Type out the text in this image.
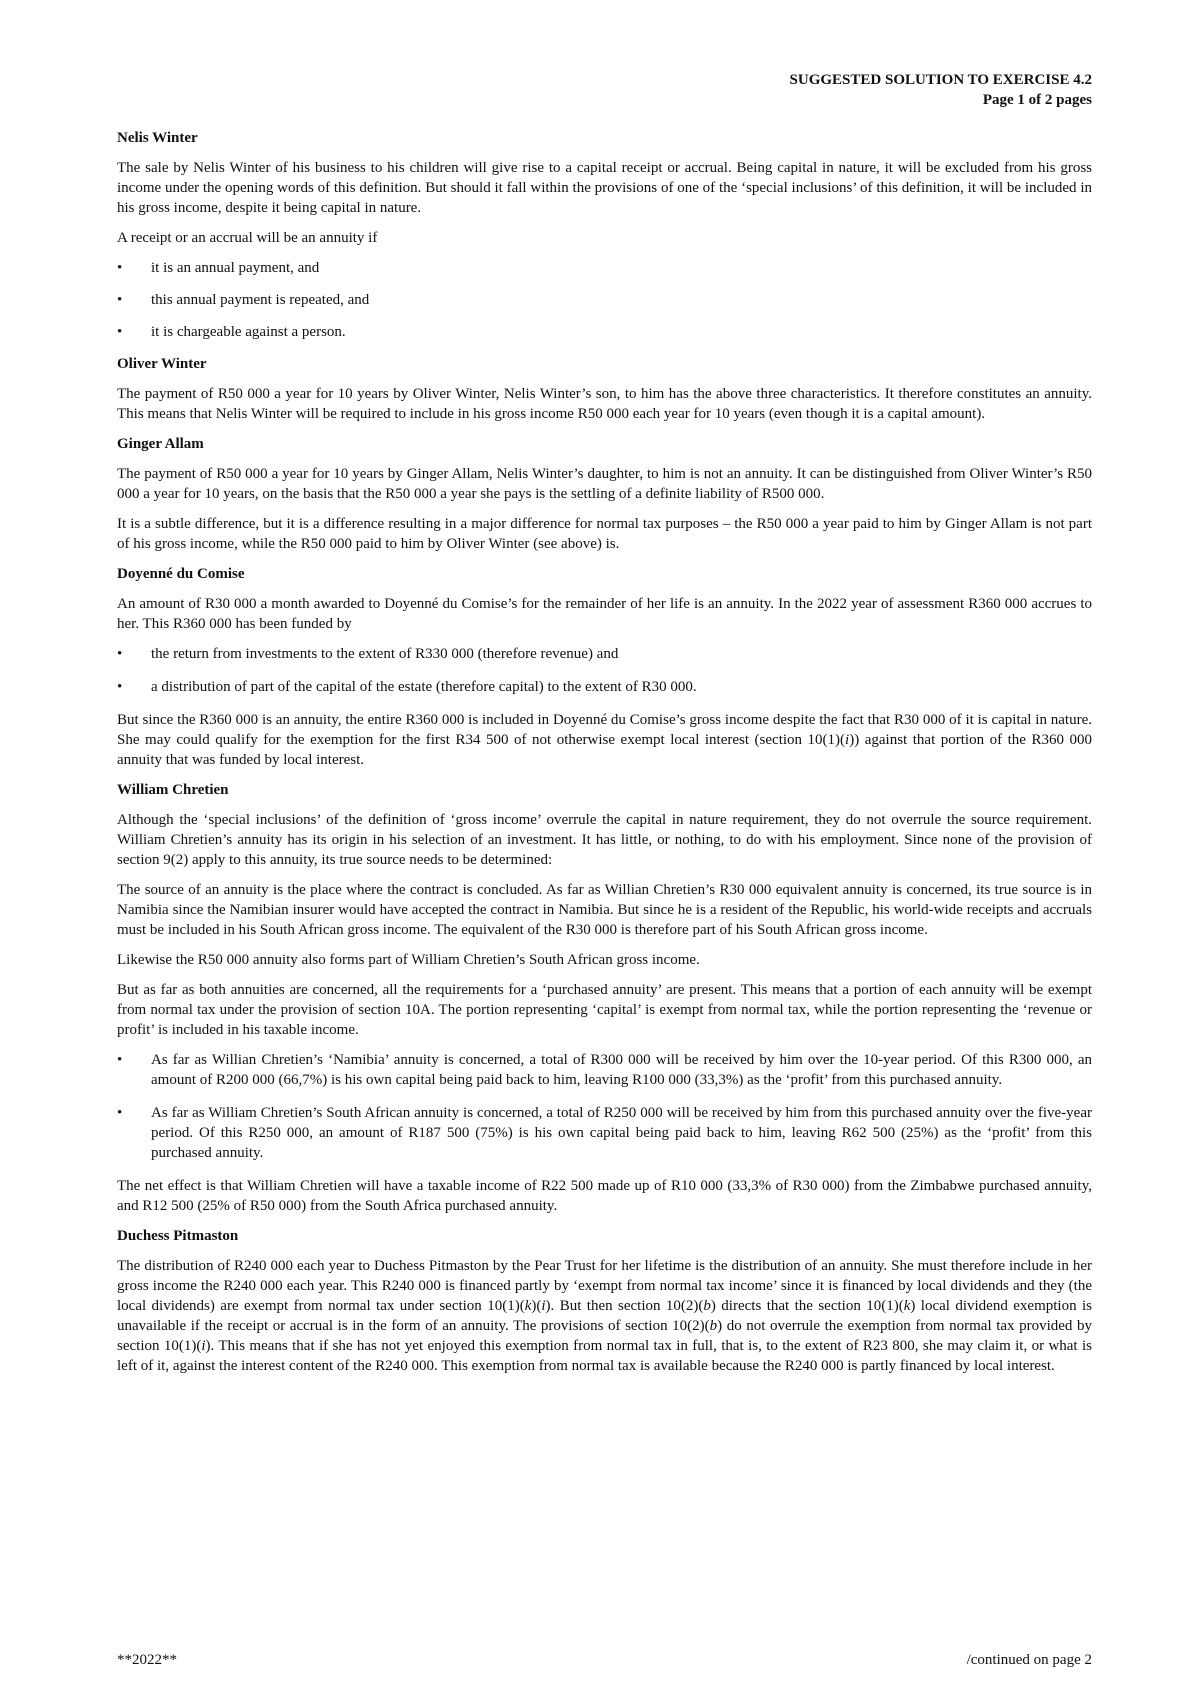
SUGGESTED SOLUTION TO EXERCISE 4.2
Page 1 of 2 pages
Nelis Winter

The sale by Nelis Winter of his business to his children will give rise to a capital receipt or accrual. Being capital in nature, it will be excluded from his gross income under the opening words of this definition. But should it fall within the provisions of one of the ‘special inclusions’ of this definition, it will be included in his gross income, despite it being capital in nature.

A receipt or an accrual will be an annuity if

• it is an annual payment, and
• this annual payment is repeated, and
• it is chargeable against a person.
Oliver Winter

The payment of R50 000 a year for 10 years by Oliver Winter, Nelis Winter’s son, to him has the above three characteristics. It therefore constitutes an annuity. This means that Nelis Winter will be required to include in his gross income R50 000 each year for 10 years (even though it is a capital amount).

Ginger Allam

The payment of R50 000 a year for 10 years by Ginger Allam, Nelis Winter’s daughter, to him is not an annuity. It can be distinguished from Oliver Winter’s R50 000 a year for 10 years, on the basis that the R50 000 a year she pays is the settling of a definite liability of R500 000.

It is a subtle difference, but it is a difference resulting in a major difference for normal tax purposes – the R50 000 a year paid to him by Ginger Allam is not part of his gross income, while the R50 000 paid to him by Oliver Winter (see above) is.

Doyenné du Comise

An amount of R30 000 a month awarded to Doyenné du Comise’s for the remainder of her life is an annuity. In the 2022 year of assessment R360 000 accrues to her. This R360 000 has been funded by

• the return from investments to the extent of R330 000 (therefore revenue) and
• a distribution of part of the capital of the estate (therefore capital) to the extent of R30 000.

But since the R360 000 is an annuity, the entire R360 000 is included in Doyenné du Comise’s gross income despite the fact that R30 000 of it is capital in nature. She may could qualify for the exemption for the first R34 500 of not otherwise exempt local interest (section 10(1)(i)) against that portion of the R360 000 annuity that was funded by local interest.

William Chretien

Although the ‘special inclusions’ of the definition of ‘gross income’ overrule the capital in nature requirement, they do not overrule the source requirement. William Chretien’s annuity has its origin in his selection of an investment. It has little, or nothing, to do with his employment. Since none of the provision of section 9(2) apply to this annuity, its true source needs to be determined:

The source of an annuity is the place where the contract is concluded. As far as Willian Chretien’s R30 000 equivalent annuity is concerned, its true source is in Namibia since the Namibian insurer would have accepted the contract in Namibia. But since he is a resident of the Republic, his world-wide receipts and accruals must be included in his South African gross income. The equivalent of the R30 000 is therefore part of his South African gross income.

Likewise the R50 000 annuity also forms part of William Chretien’s South African gross income.

But as far as both annuities are concerned, all the requirements for a ‘purchased annuity’ are present. This means that a portion of each annuity will be exempt from normal tax under the provision of section 10A. The portion representing ‘capital’ is exempt from normal tax, while the portion representing the ‘revenue or profit’ is included in his taxable income.

• As far as Willian Chretien’s ‘Namibia’ annuity is concerned, a total of R300 000 will be received by him over the 10-year period. Of this R300 000, an amount of R200 000 (66,7%) is his own capital being paid back to him, leaving R100 000 (33,3%) as the ‘profit’ from this purchased annuity.
• As far as William Chretien’s South African annuity is concerned, a total of R250 000 will be received by him from this purchased annuity over the five-year period. Of this R250 000, an amount of R187 500 (75%) is his own capital being paid back to him, leaving R62 500 (25%) as the ‘profit’ from this purchased annuity.

The net effect is that William Chretien will have a taxable income of R22 500 made up of R10 000 (33,3% of R30 000) from the Zimbabwe purchased annuity, and R12 500 (25% of R50 000) from the South Africa purchased annuity.

Duchess Pitmaston

The distribution of R240 000 each year to Duchess Pitmaston by the Pear Trust for her lifetime is the distribution of an annuity. She must therefore include in her gross income the R240 000 each year. This R240 000 is financed partly by ‘exempt from normal tax income’ since it is financed by local dividends and they (the local dividends) are exempt from normal tax under section 10(1)(k)(i). But then section 10(2)(b) directs that the section 10(1)(k) local dividend exemption is unavailable if the receipt or accrual is in the form of an annuity. The provisions of section 10(2)(b) do not overrule the exemption from normal tax provided by section 10(1)(i). This means that if she has not yet enjoyed this exemption from normal tax in full, that is, to the extent of R23 800, she may claim it, or what is left of it, against the interest content of the R240 000. This exemption from normal tax is available because the R240 000 is partly financed by local interest.

**2022**	/continued on page 2
